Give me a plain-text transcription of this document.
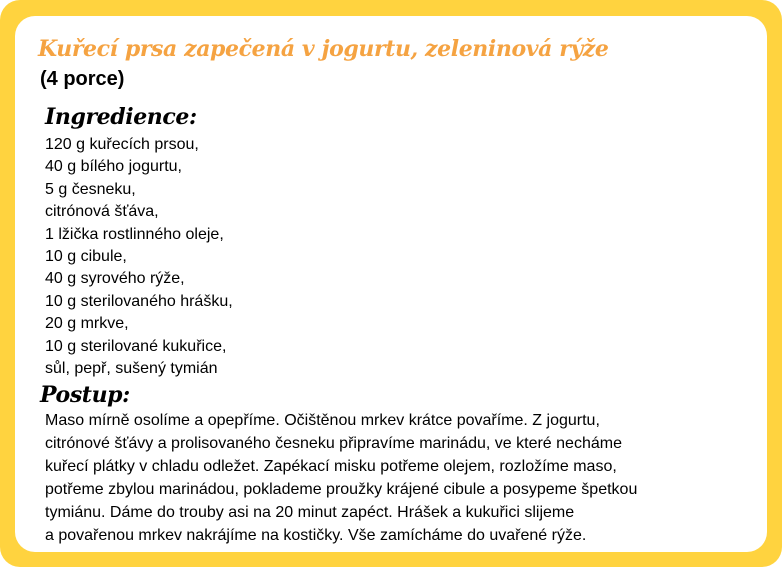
Kuřecí prsa zapečená v jogurtu, zeleninová rýže
(4 porce)
Ingredience:
120 g kuřecích prsou,
40 g bílého jogurtu,
5 g česneku,
citrónová šťáva,
1 lžička rostlinného oleje,
10 g cibule,
40 g syrového rýže,
10 g sterilovaného hrášku,
20 g mrkve,
10 g sterilované kukuřice,
sůl, pepř, sušený tymián
Postup:
Maso mírně osolíme a opepříme. Očištěnou mrkev krátce povaříme. Z jogurtu,
citrónové šťávy a prolisovaného česneku připravíme marinádu, ve které necháme
kuřecí plátky v chladu odležet. Zapékací misku potřeme olejem, rozložíme maso,
potřeme zbylou marinádou, poklademe proužky krájené cibule a posypeme špetkou
tymiánu. Dáme do trouby asi na 20 minut zapéct. Hrášek a kukuřici slijeme
a povařenou mrkev nakrájíme na kostičky. Vše zamícháme do uvařené rýže.
